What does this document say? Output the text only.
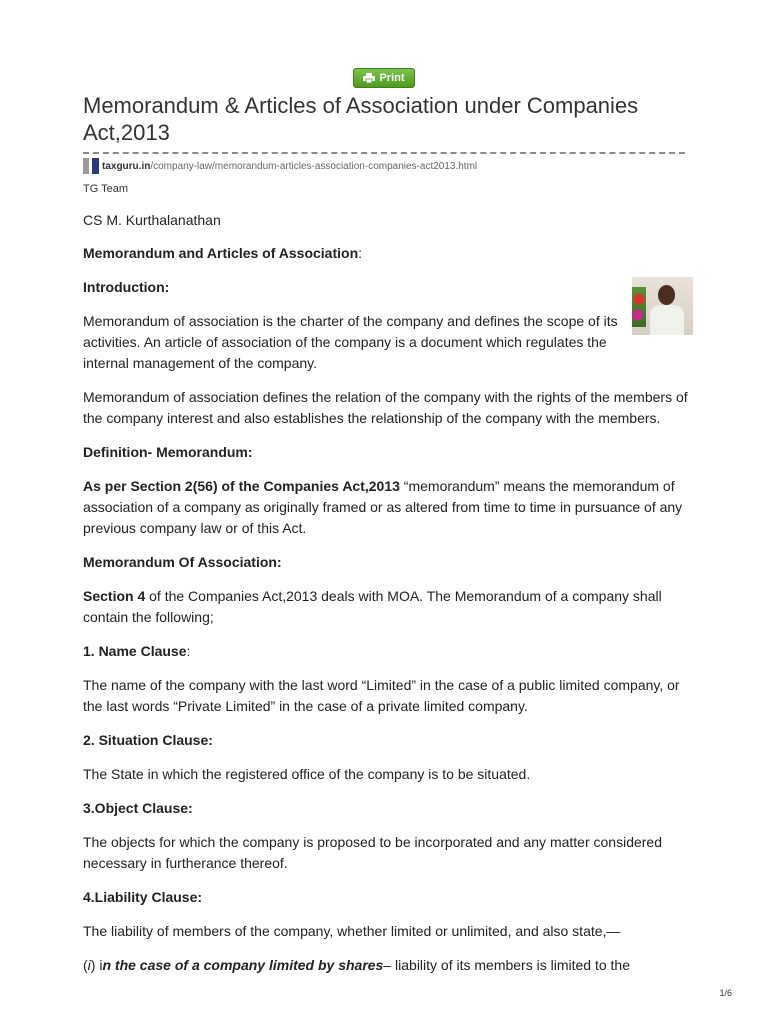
Print
Memorandum & Articles of Association under Companies Act,2013
taxguru.in /company-law/memorandum-articles-association-companies-act2013.html
TG Team

CS M. Kurthalanathan

Memorandum and Articles of Association:

Introduction:

Memorandum of association is the charter of the company and defines the scope of its activities. An article of association of the company is a document which regulates the internal management of the company.

Memorandum of association defines the relation of the company with the rights of the members of the company interest and also establishes the relationship of the company with the members.

Definition- Memorandum:

As per Section 2(56) of the Companies Act,2013 “memorandum” means the memorandum of association of a company as originally framed or as altered from time to time in pursuance of any previous company law or of this Act.

Memorandum Of Association:

Section 4 of the Companies Act,2013 deals with MOA. The Memorandum of a company shall contain the following;

1. Name Clause:

The name of the company with the last word “Limited” in the case of a public limited company, or the last words “Private Limited” in the case of a private limited company.

2. Situation Clause:

The State in which the registered office of the company is to be situated.

3.Object Clause:

The objects for which the company is proposed to be incorporated and any matter considered necessary in furtherance thereof.

4.Liability Clause:

The liability of members of the company, whether limited or unlimited, and also state,—

(i) in the case of a company limited by shares– liability of its members is limited to the

1/6
